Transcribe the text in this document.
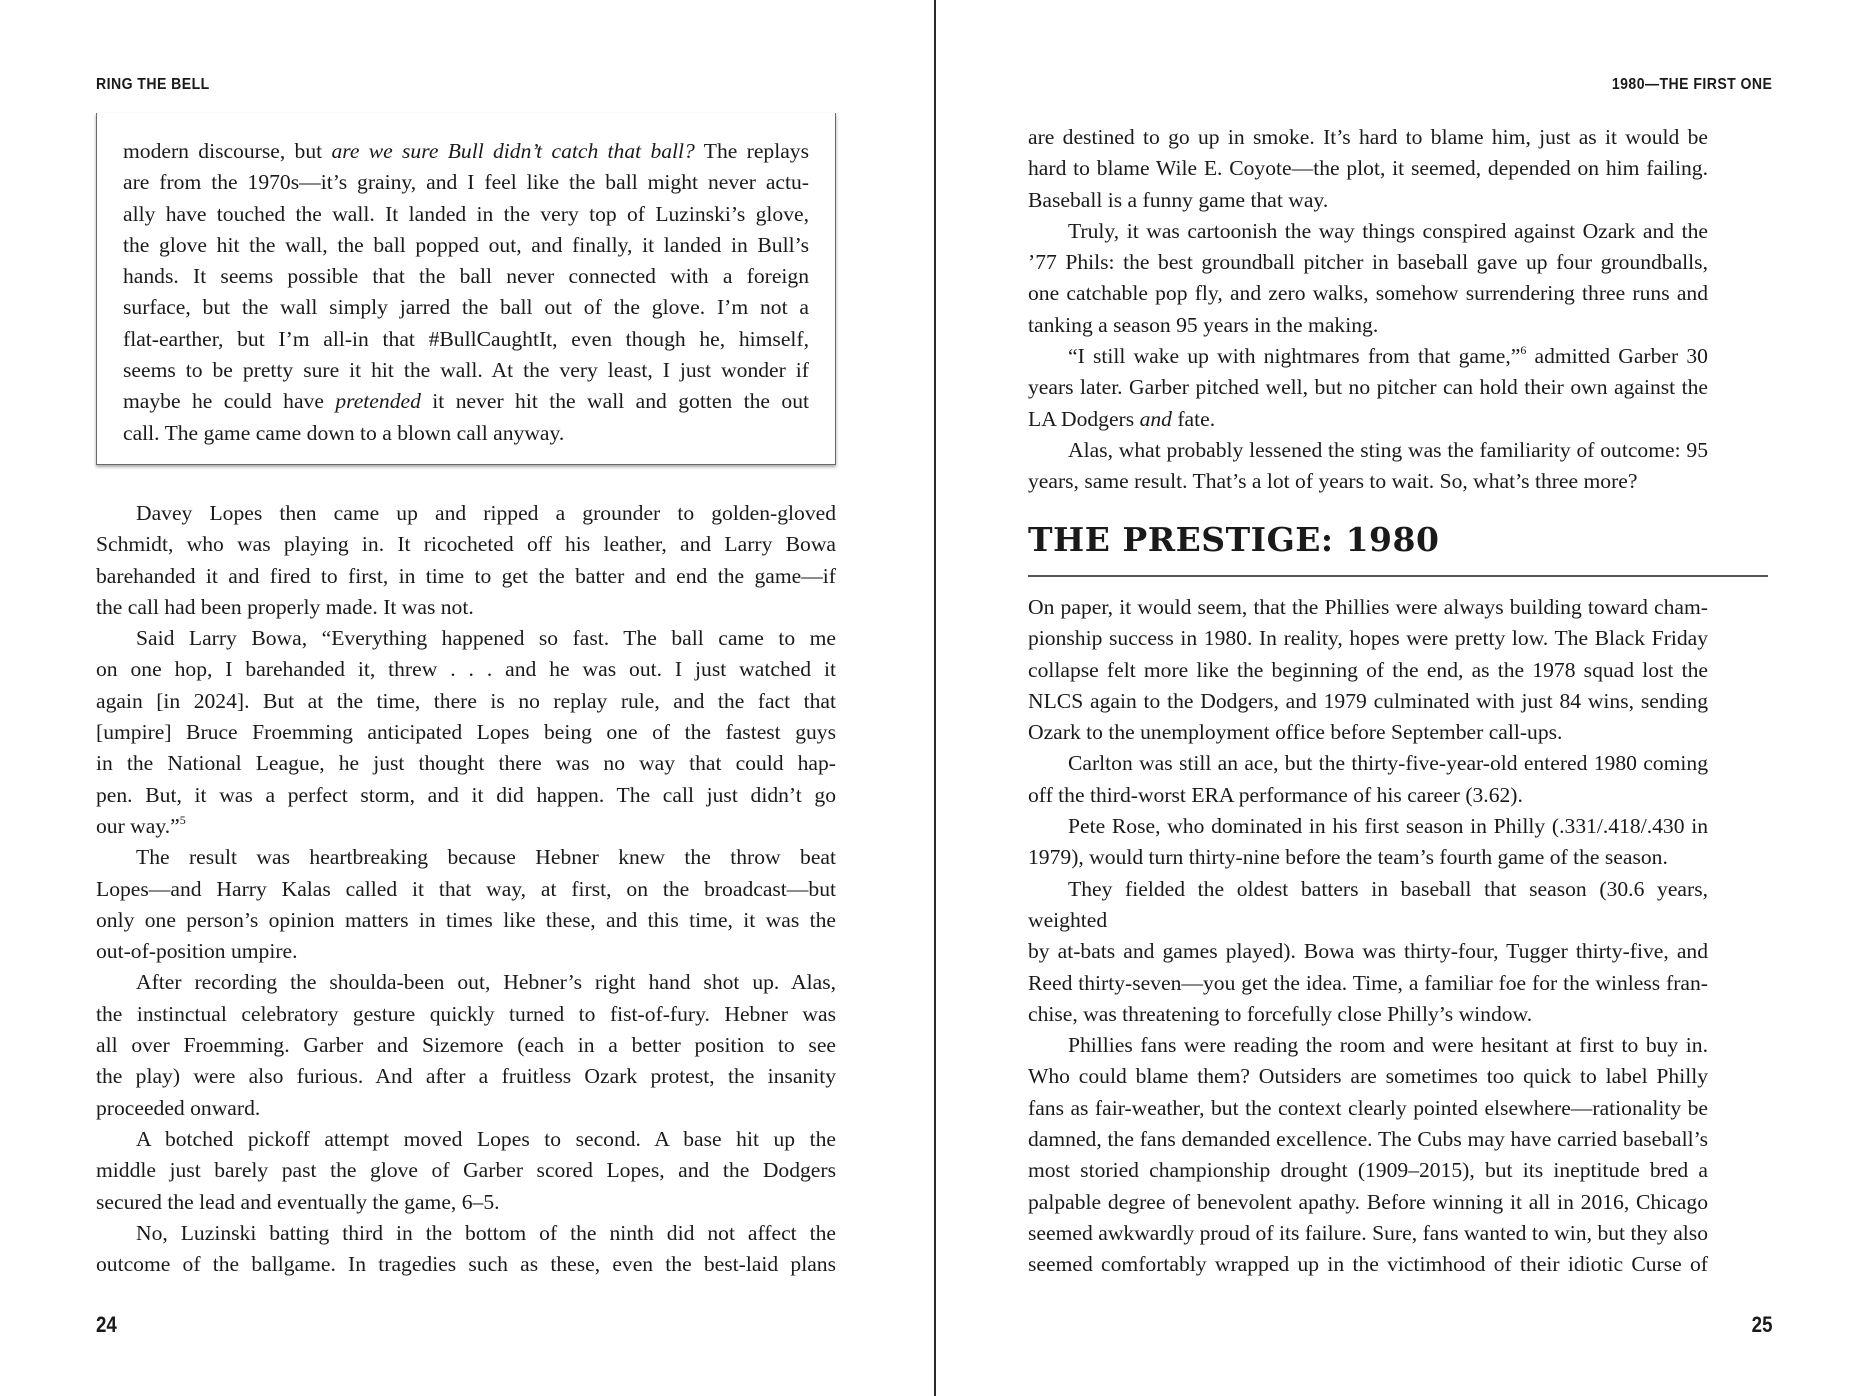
RING THE BELL

modern discourse, but are we sure Bull didn’t catch that ball? The replays

are from the 1970s—it’s grainy, and I feel like the ball might never actu-

ally have touched the wall. It landed in the very top of Luzinski’s glove,

the glove hit the wall, the ball popped out, and finally, it landed in Bull’s

hands. It seems possible that the ball never connected with a foreign

surface, but the wall simply jarred the ball out of the glove. I’m not a

flat-earther, but I’m all-in that #BullCaughtIt, even though he, himself,

seems to be pretty sure it hit the wall. At the very least, I just wonder if

maybe he could have pretended it never hit the wall and gotten the out

call. The game came down to a blown call anyway.

Davey Lopes then came up and ripped a grounder to golden-gloved

Schmidt, who was playing in. It ricocheted off his leather, and Larry Bowa

barehanded it and fired to first, in time to get the batter and end the game—if

the call had been properly made. It was not.

Said Larry Bowa, “Everything happened so fast. The ball came to me

on one hop, I barehanded it, threw . . . and he was out. I just watched it

again [in 2024]. But at the time, there is no replay rule, and the fact that

[umpire] Bruce Froemming anticipated Lopes being one of the fastest guys

in the National League, he just thought there was no way that could hap-

pen. But, it was a perfect storm, and it did happen. The call just didn’t go

our way.”$^5$

The result was heartbreaking because Hebner knew the throw beat

Lopes—and Harry Kalas called it that way, at first, on the broadcast—but

only one person’s opinion matters in times like these, and this time, it was the

out-of-position umpire.

After recording the shoulda-been out, Hebner’s right hand shot up. Alas,

the instinctual celebratory gesture quickly turned to fist-of-fury. Hebner was

all over Froemming. Garber and Sizemore (each in a better position to see

the play) were also furious. And after a fruitless Ozark protest, the insanity

proceeded onward.

A botched pickoff attempt moved Lopes to second. A base hit up the

middle just barely past the glove of Garber scored Lopes, and the Dodgers

secured the lead and eventually the game, 6–5.

No, Luzinski batting third in the bottom of the ninth did not affect the

outcome of the ballgame. In tragedies such as these, even the best-laid plans

24
1980—THE FIRST ONE

are destined to go up in smoke. It’s hard to blame him, just as it would be

hard to blame Wile E. Coyote—the plot, it seemed, depended on him failing.

Baseball is a funny game that way.

Truly, it was cartoonish the way things conspired against Ozark and the

’77 Phils: the best groundball pitcher in baseball gave up four groundballs,

one catchable pop fly, and zero walks, somehow surrendering three runs and

tanking a season 95 years in the making.

“I still wake up with nightmares from that game,”$^6$ admitted Garber 30

years later. Garber pitched well, but no pitcher can hold their own against the

LA Dodgers and fate.

Alas, what probably lessened the sting was the familiarity of outcome: 95

years, same result. That’s a lot of years to wait. So, what’s three more?

THE PRESTIGE: 1980

On paper, it would seem, that the Phillies were always building toward cham-

pionship success in 1980. In reality, hopes were pretty low. The Black Friday

collapse felt more like the beginning of the end, as the 1978 squad lost the

NLCS again to the Dodgers, and 1979 culminated with just 84 wins, sending

Ozark to the unemployment office before September call-ups.

Carlton was still an ace, but the thirty-five-year-old entered 1980 coming

off the third-worst ERA performance of his career (3.62).

Pete Rose, who dominated in his first season in Philly (.331/.418/.430 in

1979), would turn thirty-nine before the team’s fourth game of the season.

They fielded the oldest batters in baseball that season (30.6 years, weighted

by at-bats and games played). Bowa was thirty-four, Tugger thirty-five, and

Reed thirty-seven—you get the idea. Time, a familiar foe for the winless fran-

chise, was threatening to forcefully close Philly’s window.

Phillies fans were reading the room and were hesitant at first to buy in.

Who could blame them? Outsiders are sometimes too quick to label Philly

fans as fair-weather, but the context clearly pointed elsewhere—rationality be

damned, the fans demanded excellence. The Cubs may have carried baseball’s

most storied championship drought (1909–2015), but its ineptitude bred a

palpable degree of benevolent apathy. Before winning it all in 2016, Chicago

seemed awkwardly proud of its failure. Sure, fans wanted to win, but they also

seemed comfortably wrapped up in the victimhood of their idiotic Curse of

25
